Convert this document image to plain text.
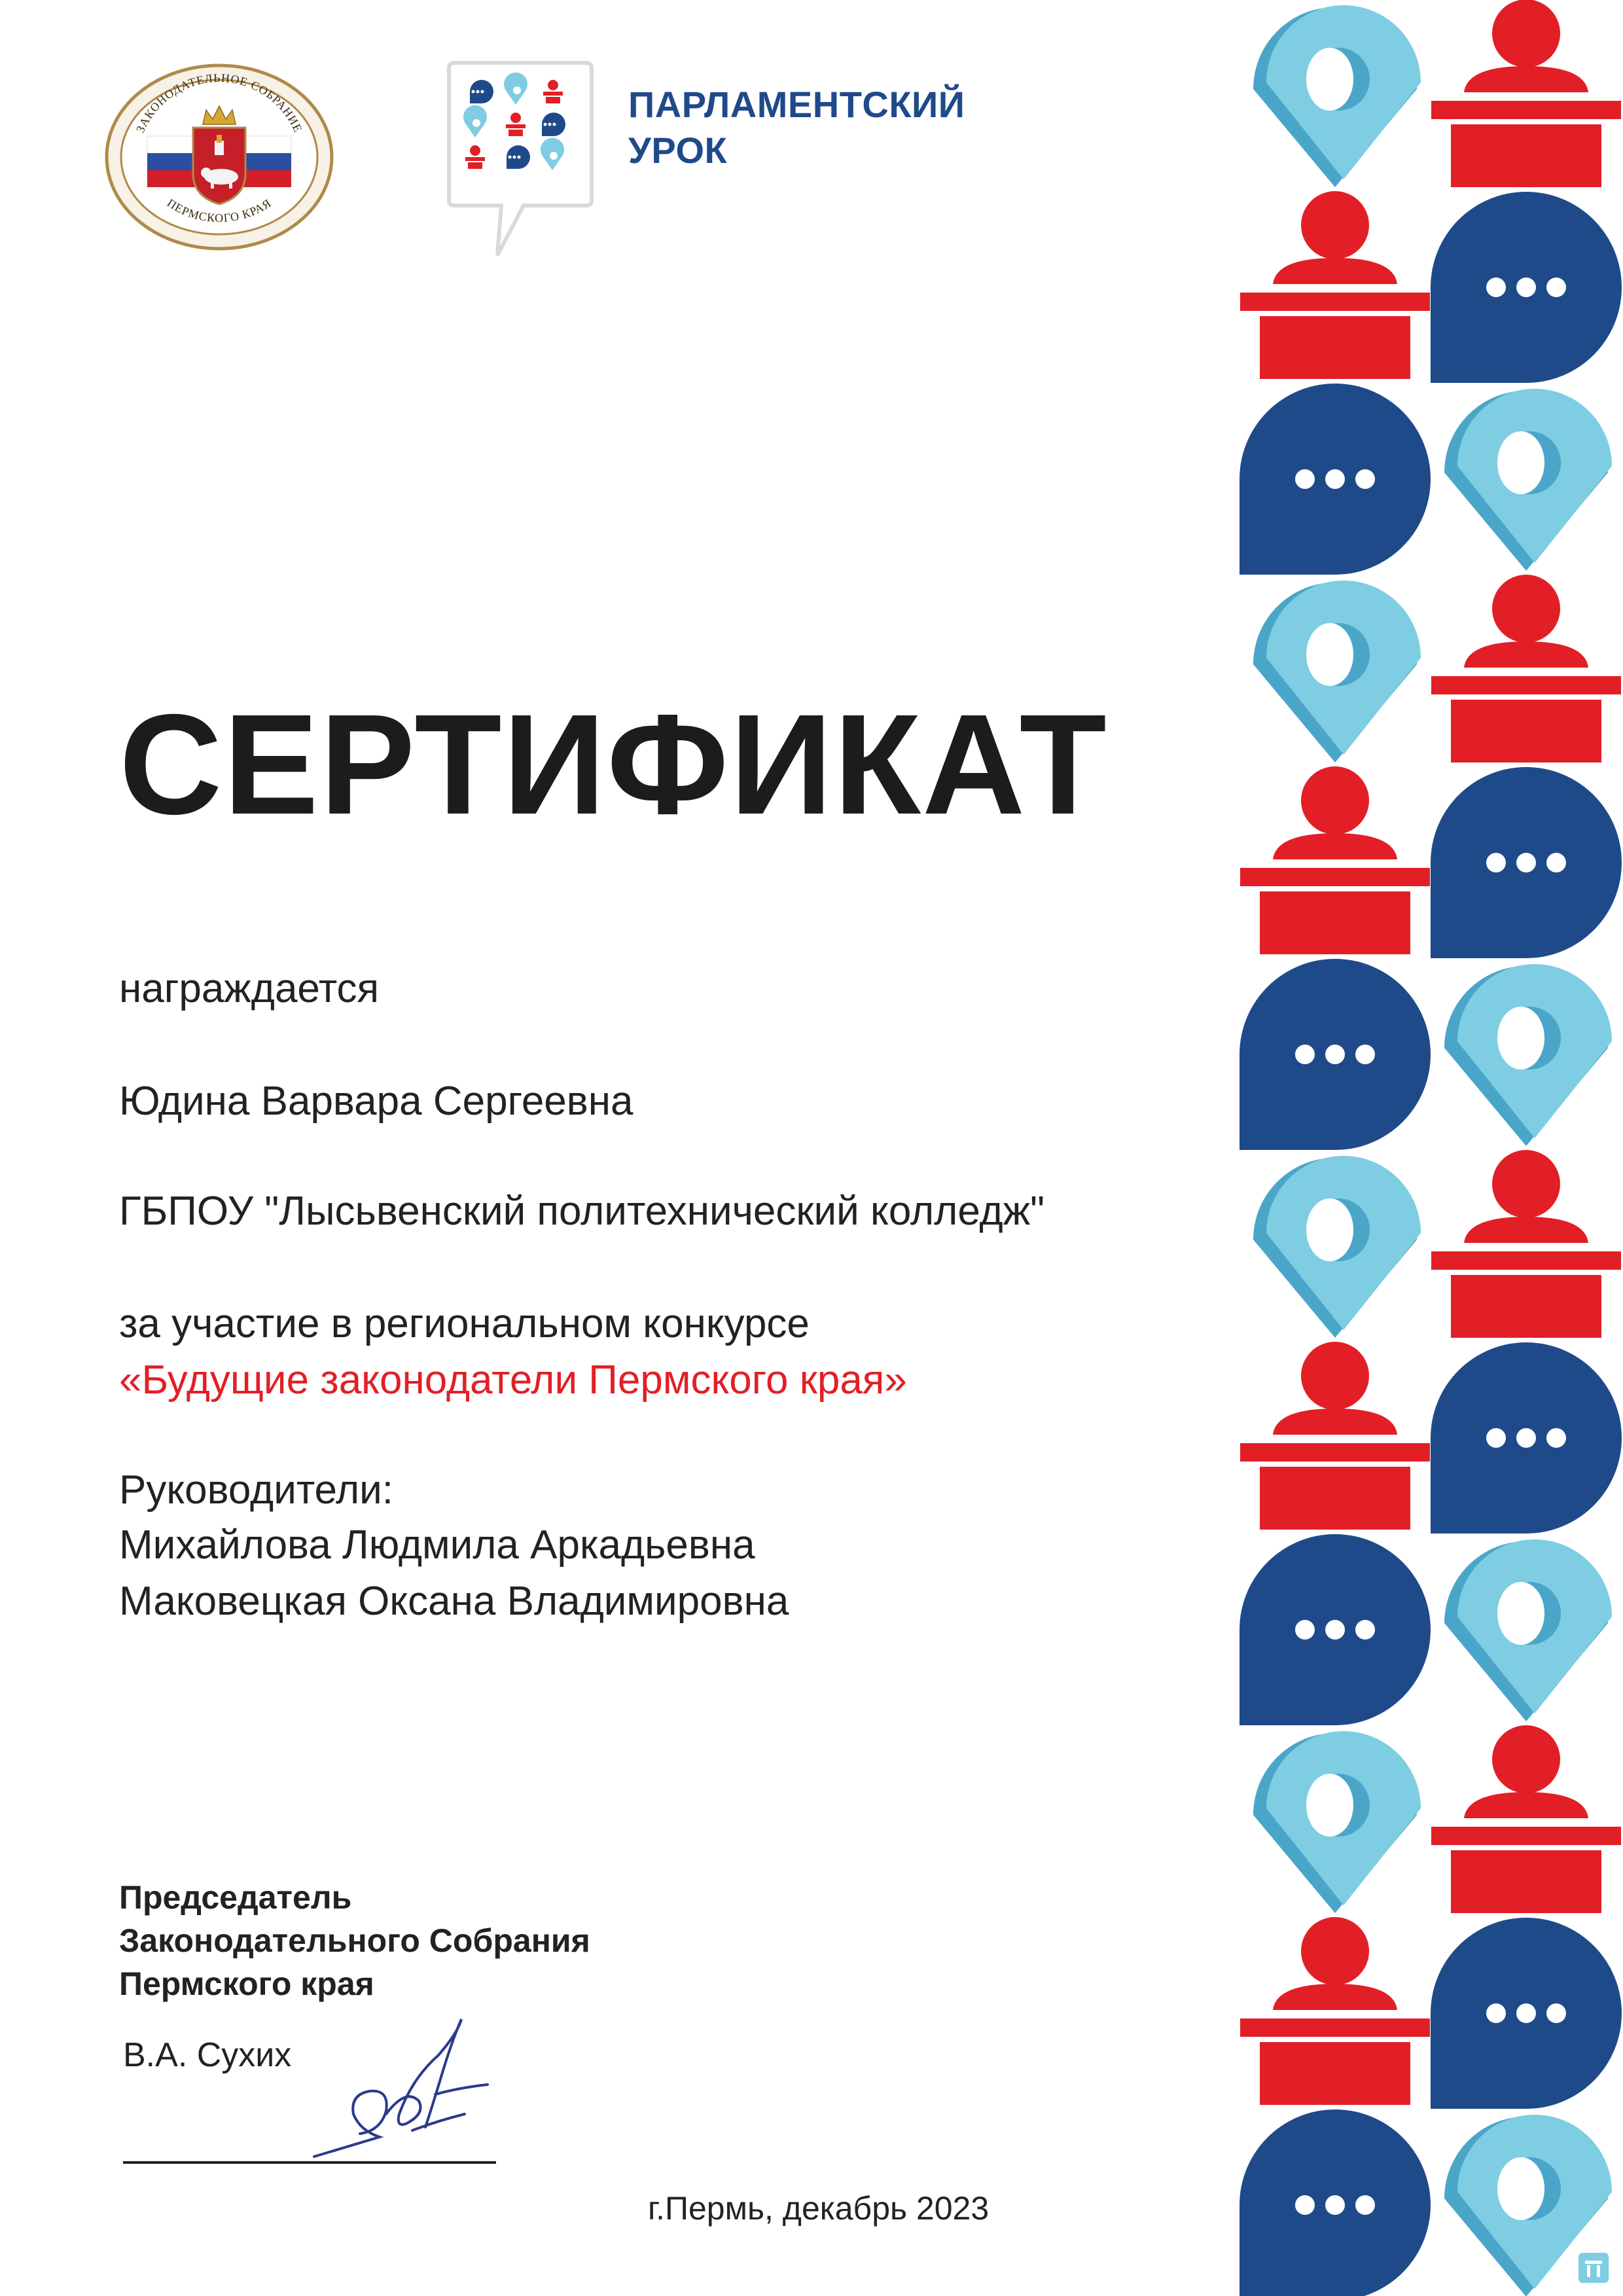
ЗАКОНОДАТЕЛЬНОЕ СОБРАНИЕ
ПЕРМСКОГО КРАЯ
ПАРЛАМЕНТСКИЙ
УРОК
СЕРТИФИКАТ
награждается
Юдина Варвара Сергеевна
ГБПОУ "Лысьвенский политехнический колледж"
за участие в региональном конкурсе
«Будущие законодатели Пермского края»
Руководители:
Михайлова Людмила Аркадьевна
Маковецкая Оксана Владимировна
Председатель
Законодательного Собрания
Пермского края
В.А. Сухих
г.Пермь, декабрь 2023
